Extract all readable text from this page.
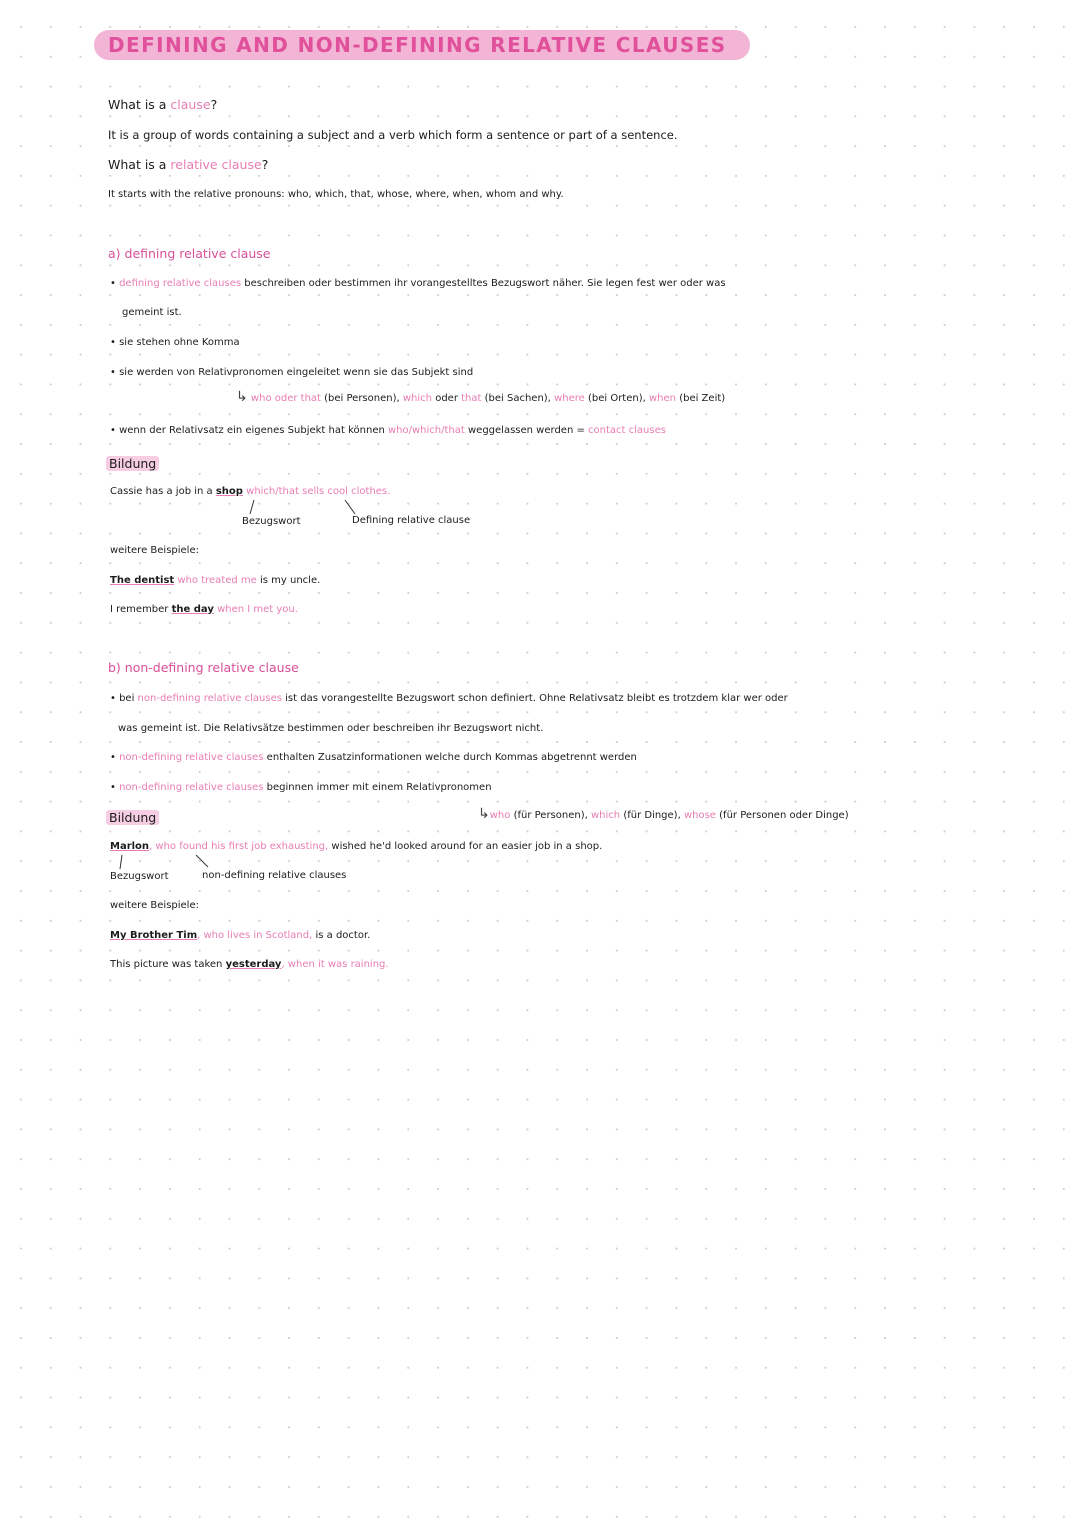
DEFINING AND NON-DEFINING RELATIVE CLAUSES
What is a clause?
It is a group of words containing a subject and a verb which form a sentence or part of a sentence.
What is a relative clause?
It starts with the relative pronouns: who, which, that, whose, where, when, whom and why.
a) defining relative clause
• defining relative clauses beschreiben oder bestimmen ihr vorangestelltes Bezugswort näher. Sie legen fest wer oder was
gemeint ist.
• sie stehen ohne Komma
• sie werden von Relativpronomen eingeleitet wenn sie das Subjekt sind
↳ who oder that (bei Personen), which oder that (bei Sachen), where (bei Orten), when (bei Zeit)
• wenn der Relativsatz ein eigenes Subjekt hat können who/which/that weggelassen werden = contact clauses
Bildung
Cassie has a job in a shop which/that sells cool clothes.
Bezugswort	Defining relative clause
weitere Beispiele:
The dentist who treated me is my uncle.
I remember the day when I met you.
b) non-defining relative clause
• bei non-defining relative clauses ist das vorangestellte Bezugswort schon definiert. Ohne Relativsatz bleibt es trotzdem klar wer oder
was gemeint ist. Die Relativsätze bestimmen oder beschreiben ihr Bezugswort nicht.
• non-defining relative clauses enthalten Zusatzinformationen welche durch Kommas abgetrennt werden
• non-defining relative clauses beginnen immer mit einem Relativpronomen
Bildung	↳who (für Personen), which (für Dinge), whose (für Personen oder Dinge)
Marlon, who found his first job exhausting, wished he'd looked around for an easier job in a shop.
Bezugswort	non-defining relative clauses
weitere Beispiele:
My Brother Tim, who lives in Scotland, is a doctor.
This picture was taken yesterday, when it was raining.
